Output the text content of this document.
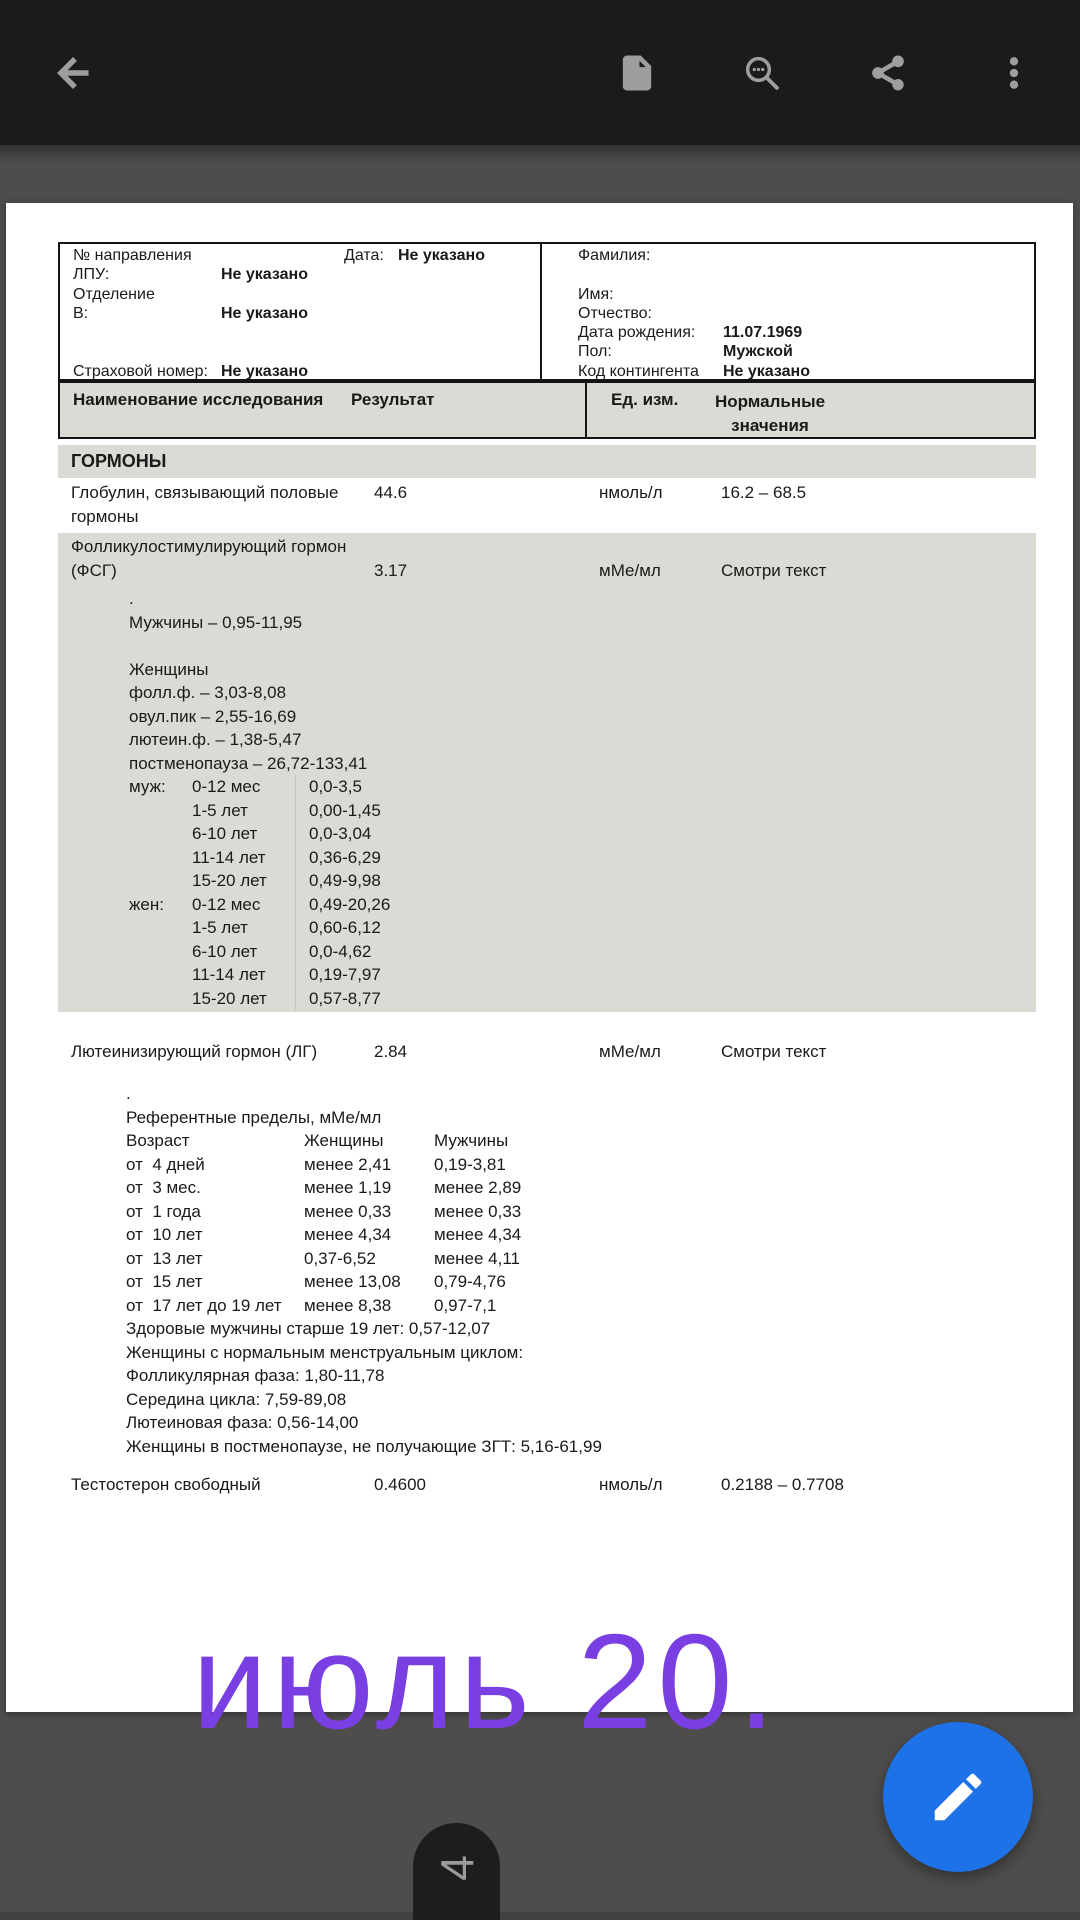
№ направления	Дата: Не указано	Фамилия:
ЛПУ:	Не указано
Отделение	Имя:
В:	Не указано	Отчество:
Дата рождения: 11.07.1969
Пол:	Мужской
Страховой номер: Не указано	Код контингента Не указано
Наименование исследования Результат	Ед. изм.	Нормальные
значения
ГОРМОНЫ
Глобулин, связывающий половые
гормоны
44.6	нмоль/л	16.2 – 68.5
Фолликулостимулирующий гормон
(ФСГ)	3.17	мМе/мл	Смотри текст
.
Мужчины – 0,95-11,95

Женщины
фолл.ф. – 3,03-8,08
овул.пик – 2,55-16,69
лютеин.ф. – 1,38-5,47
постменопауза – 26,72-133,41
муж: 0-12 мес	0,0-3,5
1-5 лет	0,00-1,45
6-10 лет	0,0-3,04
11-14 лет	0,36-6,29
15-20 лет 0,49-9,98
жен: 0-12 мес	0,49-20,26
1-5 лет	0,60-6,12
6-10 лет	0,0-4,62
11-14 лет	0,19-7,97
15-20 лет 0,57-8,77
Лютеинизирующий гормон (ЛГ)	2.84	мМе/мл	Смотри текст
.
Референтные пределы, мМе/мл
Возраст	Женщины	Мужчины
от  4 дней	менее 2,41	0,19-3,81
от  3 мес.	менее 1,19	менее 2,89
от  1 года	менее 0,33	менее 0,33
от  10 лет	менее 4,34	менее 4,34
от  13 лет	0,37-6,52	менее 4,11
от  15 лет	менее 13,08 0,79-4,76
от  17 лет до 19 лет менее 8,38	0,97-7,1
Здоровые мужчины старше 19 лет: 0,57-12,07
Женщины с нормальным менструальным циклом:
Фолликулярная фаза: 1,80-11,78
Середина цикла: 7,59-89,08
Лютеиновая фаза: 0,56-14,00
Женщины в постменопаузе, не получающие ЗГТ: 5,16-61,99
Тестостерон свободный	0.4600	нмоль/л	0.2188 – 0.7708
июль 20.
4
